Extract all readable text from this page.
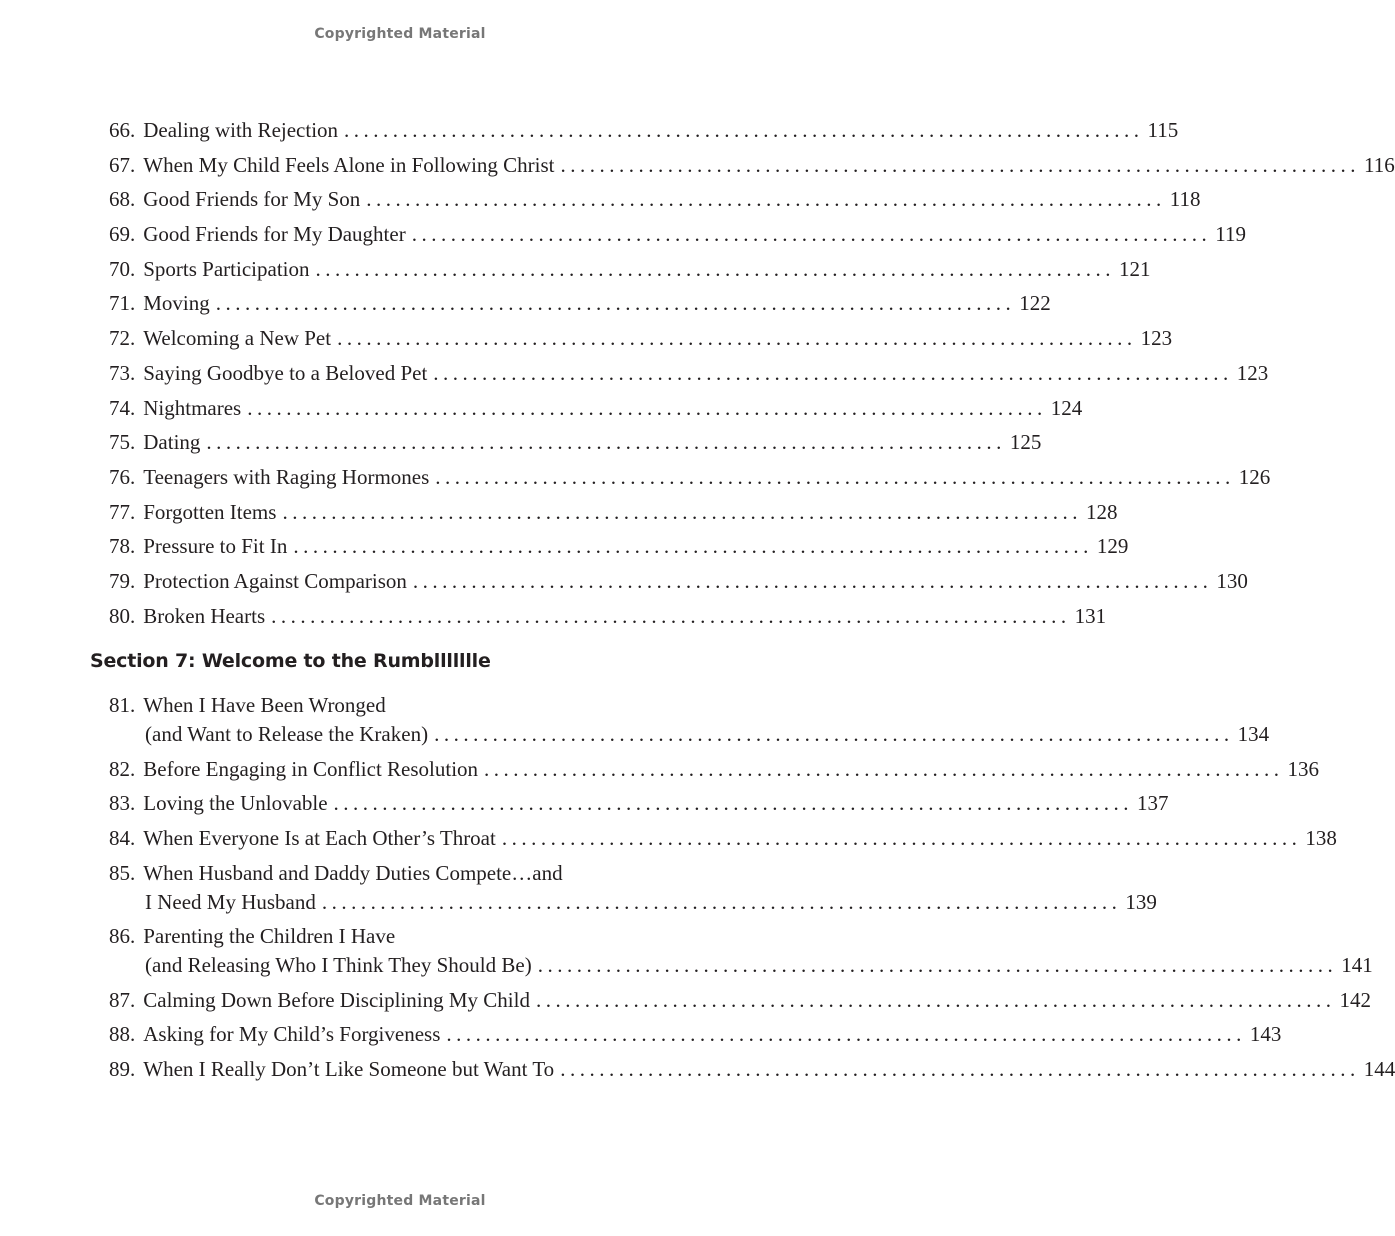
Copyrighted Material
66. Dealing with Rejection .................................................................................. 115
67. When My Child Feels Alone in Following Christ .................................................................................. 116
68. Good Friends for My Son .................................................................................. 118
69. Good Friends for My Daughter .................................................................................. 119
70. Sports Participation .................................................................................. 121
71. Moving .................................................................................. 122
72. Welcoming a New Pet .................................................................................. 123
73. Saying Goodbye to a Beloved Pet .................................................................................. 123
74. Nightmares .................................................................................. 124
75. Dating .................................................................................. 125
76. Teenagers with Raging Hormones .................................................................................. 126
77. Forgotten Items .................................................................................. 128
78. Pressure to Fit In .................................................................................. 129
79. Protection Against Comparison .................................................................................. 130
80. Broken Hearts .................................................................................. 131
Section 7: Welcome to the Rumbllllllle
81. When I Have Been Wronged
(and Want to Release the Kraken) .................................................................................. 134
82. Before Engaging in Conflict Resolution .................................................................................. 136
83. Loving the Unlovable .................................................................................. 137
84. When Everyone Is at Each Other’s Throat .................................................................................. 138
85. When Husband and Daddy Duties Compete…and
I Need My Husband .................................................................................. 139
86. Parenting the Children I Have
(and Releasing Who I Think They Should Be) .................................................................................. 141
87. Calming Down Before Disciplining My Child .................................................................................. 142
88. Asking for My Child’s Forgiveness .................................................................................. 143
89. When I Really Don’t Like Someone but Want To .................................................................................. 144
Copyrighted Material
